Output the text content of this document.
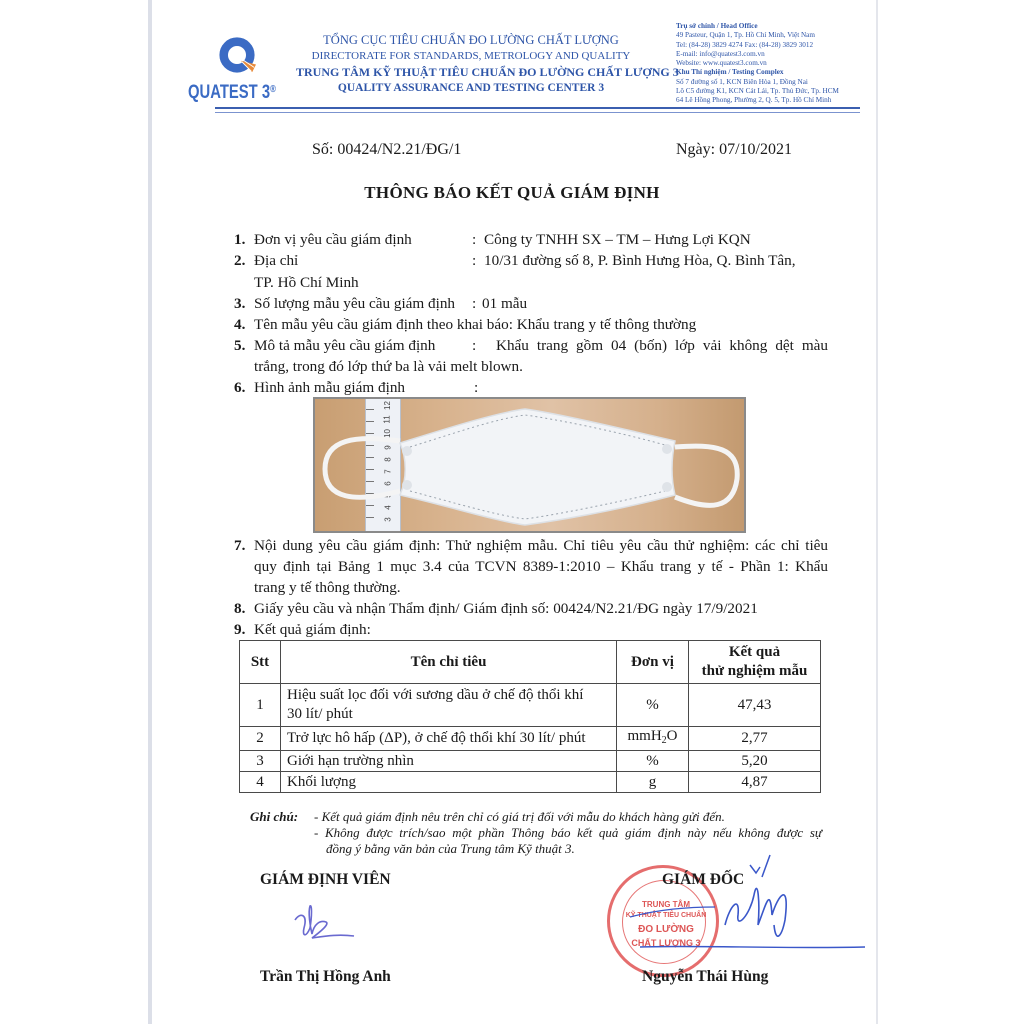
QUATEST 3®
TỔNG CỤC TIÊU CHUẨN ĐO LƯỜNG CHẤT LƯỢNG
DIRECTORATE FOR STANDARDS, METROLOGY AND QUALITY
TRUNG TÂM KỸ THUẬT TIÊU CHUẨN ĐO LƯỜNG CHẤT LƯỢNG 3
QUALITY ASSURANCE AND TESTING CENTER 3
Trụ sở chính / Head Office
49 Pasteur, Quận 1, Tp. Hồ Chí Minh, Việt Nam
Tel: (84-28) 3829 4274 Fax: (84-28) 3829 3012
E-mail: info@quatest3.com.vn
Website: www.quatest3.com.vn
Khu Thí nghiệm / Testing Complex
Số 7 đường số 1, KCN Biên Hòa 1, Đồng Nai
Lô C5 đường K1, KCN Cát Lái, Tp. Thủ Đức, Tp. HCM
64 Lê Hồng Phong, Phường 2, Q. 5, Tp. Hồ Chí Minh
Số: 00424/N2.21/ĐG/1	Ngày: 07/10/2021
THÔNG BÁO KẾT QUẢ GIÁM ĐỊNH
1. Đơn vị yêu cầu giám định	: Công ty TNHH SX – TM – Hưng Lợi KQN
2. Địa chỉ	: 10/31 đường số 8, P. Bình Hưng Hòa, Q. Bình Tân,
TP. Hồ Chí Minh
3. Số lượng mẫu yêu cầu giám định : 01 mẫu
4. Tên mẫu yêu cầu giám định theo khai báo: Khẩu trang y tế thông thường
5. Mô tả mẫu yêu cầu giám định : Khẩu trang gồm 04 (bốn) lớp vải không dệt màu
trắng, trong đó lớp thứ ba là vải melt blown.
6. Hình ảnh mẫu giám định	:
3
4
5
6
7
8
9
10
11
12
7. Nội dung yêu cầu giám định: Thử nghiệm mẫu. Chỉ tiêu yêu cầu thử nghiệm: các chỉ tiêu
quy định tại Bảng 1 mục 3.4 của TCVN 8389-1:2010 – Khẩu trang y tế - Phần 1: Khẩu
trang y tế thông thường.
8. Giấy yêu cầu và nhận Thẩm định/ Giám định số: 00424/N2.21/ĐG ngày 17/9/2021
9. Kết quả giám định:
Stt	Tên chỉ tiêu	Đơn vị	Kết quả
thử nghiệm mẫu
1	Hiệu suất lọc đối với sương dầu ở chế độ thổi khí
30 lít/ phút	%	47,43
2	Trở lực hô hấp (ΔP), ở chế độ thổi khí 30 lít/ phút	mmH$_2$O	2,77
3	Giới hạn trường nhìn	%	5,20
4	Khối lượng	g	4,87
Ghi chú: - Kết quả giám định nêu trên chỉ có giá trị đối với mẫu do khách hàng gửi đến.
- Không được trích/sao một phần Thông báo kết quả giám định này nếu không được sự
đồng ý bằng văn bản của Trung tâm Kỹ thuật 3.
GIÁM ĐỊNH VIÊN
Trần Thị Hồng Anh
TRUNG TÂM
KỸ THUẬT TIÊU CHUẨN
ĐO LƯỜNG
CHẤT LƯỢNG 3
GIÁM ĐỐC
Nguyễn Thái Hùng
